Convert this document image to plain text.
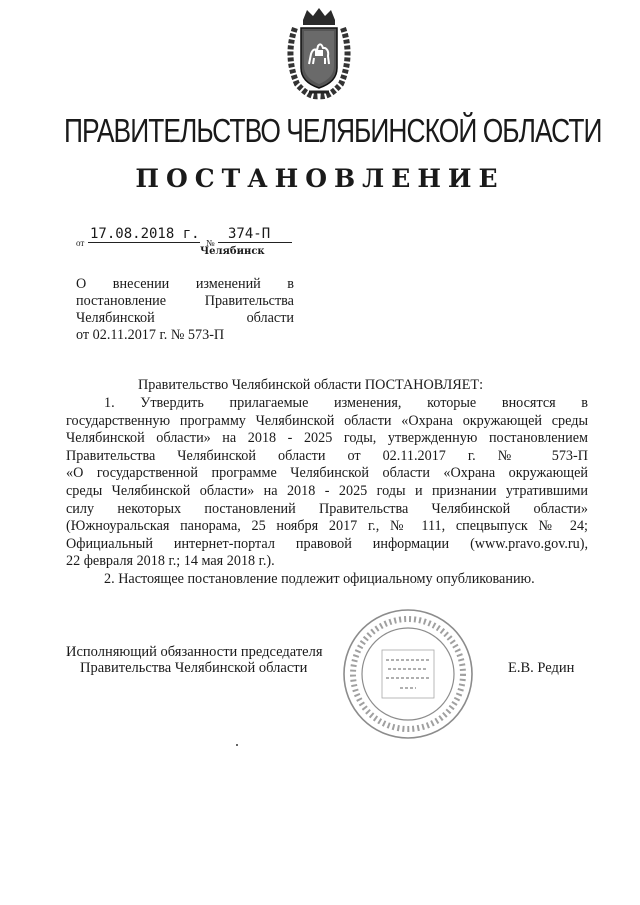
ПРАВИТЕЛЬСТВО ЧЕЛЯБИНСКОЙ ОБЛАСТИ
ПОСТАНОВЛЕНИЕ
от
17.08.2018 г.
№
374-П
Челябинск
О внесении изменений в
постановление	Правительства
Челябинской	области
от 02.11.2017 г. № 573-П
Правительство Челябинской области ПОСТАНОВЛЯЕТ:
1. Утвердить прилагаемые изменения, которые вносятся в
государственную программу Челябинской области «Охрана окружающей среды
Челябинской области» на 2018 - 2025 годы, утвержденную постановлением
Правительства Челябинской области от 02.11.2017 г. № 573-П
«О государственной программе Челябинской области «Охрана окружающей
среды Челябинской области» на 2018 - 2025 годы и признании утратившими
силу некоторых постановлений Правительства Челябинской области»
(Южноуральская панорама, 25 ноября 2017 г., № 111, спецвыпуск № 24;
Официальный интернет-портал правовой информации (www.pravo.gov.ru),
22 февраля 2018 г.; 14 мая 2018 г.).
2. Настоящее постановление подлежит официальному опубликованию.
Исполняющий обязанности председателя
Правительства Челябинской области	Е.В. Редин
